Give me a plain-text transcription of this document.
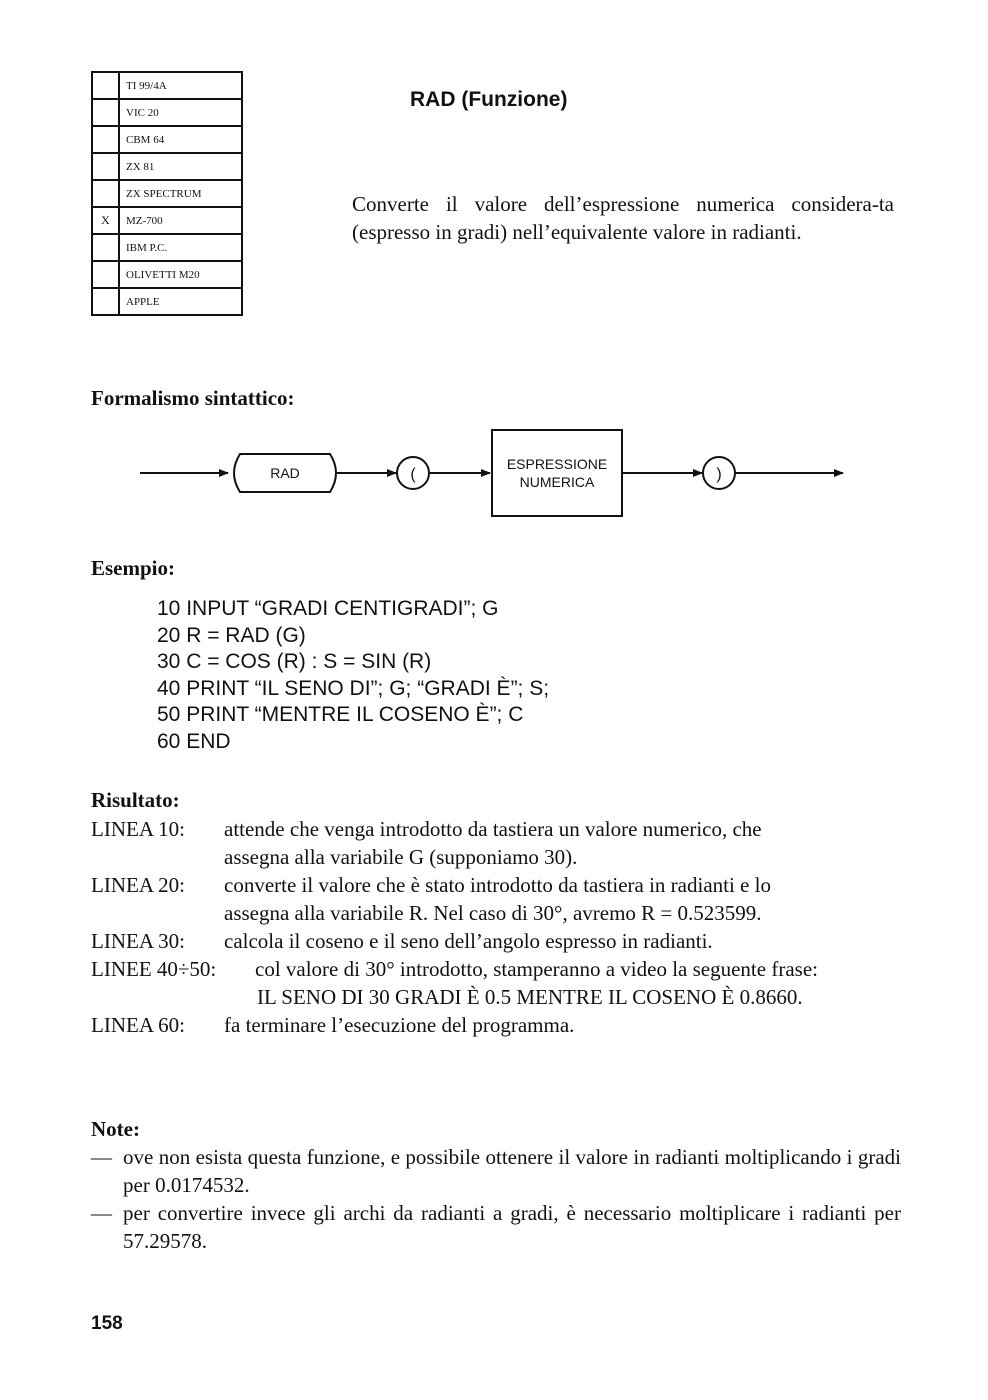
	TI 99/4A
	VIC 20
	CBM 64
	ZX 81
	ZX SPECTRUM
X	MZ-700
	IBM P.C.
	OLIVETTI M20
	APPLE
RAD (Funzione)
Converte il valore dell’espressione numerica considera-ta (espresso in gradi) nell’equivalente valore in radianti.
Formalismo sintattico:
RAD	(
ESPRESSIONE
NUMERICA	)
Esempio:
10 INPUT “GRADI CENTIGRADI”; G
20 R = RAD (G)
30 C = COS (R) : S = SIN (R)
40 PRINT “IL SENO DI”; G; “GRADI È”; S;
50 PRINT “MENTRE IL COSENO È”; C
60 END
Risultato:
LINEA 10:	attende che venga introdotto da tastiera un valore numerico, che
assegna alla variabile G (supponiamo 30).
LINEA 20:	converte il valore che è stato introdotto da tastiera in radianti e lo
assegna alla variabile R. Nel caso di 30°, avremo R = 0.523599.
LINEA 30:	calcola il coseno e il seno dell’angolo espresso in radianti.
LINEE 40÷50:	col valore di 30° introdotto, stamperanno a video la seguente frase:
IL SENO DI 30 GRADI È 0.5 MENTRE IL COSENO È 0.8660.
LINEA 60:	fa terminare l’esecuzione del programma.
Note:
— ove non esista questa funzione, e possibile ottenere il valore in radianti moltiplicando i gradi per 0.0174532.
— per convertire invece gli archi da radianti a gradi, è necessario moltiplicare i radianti per 57.29578.
158
